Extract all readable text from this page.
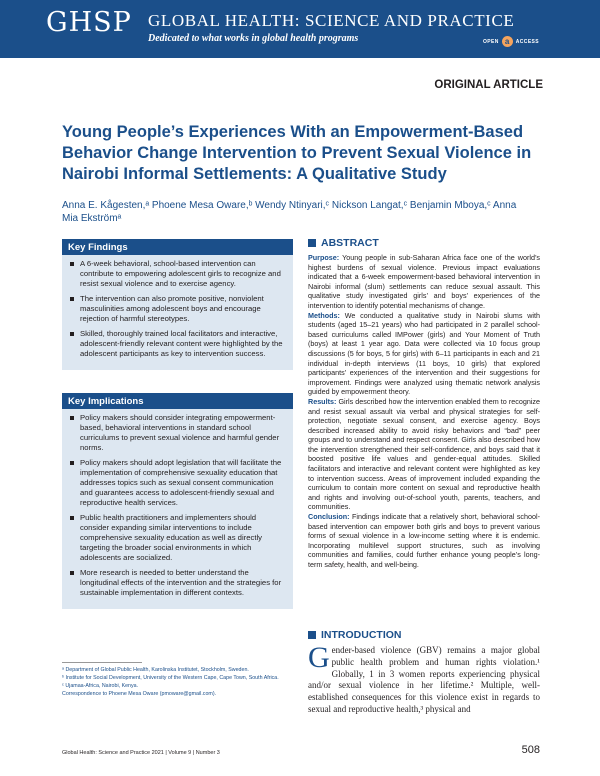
GHSP GLOBAL HEALTH: SCIENCE AND PRACTICE
Dedicated to what works in global health programs	OPEN a	ACCESS
ORIGINAL ARTICLE
Young People’s Experiences With an Empowerment-Based Behavior Change Intervention to Prevent Sexual Violence in Nairobi Informal Settlements: A Qualitative Study
Anna E. Kågesten,ᵃ Phoene Mesa Oware,ᵇ Wendy Ntinyari,ᶜ Nickson Langat,ᶜ Benjamin Mboya,ᶜ Anna Mia Ekströmᵃ
Key Findings
A 6-week behavioral, school-based intervention can contribute to empowering adolescent girls to recognize and resist sexual violence and to exercise agency.
The intervention can also promote positive, nonviolent masculinities among adolescent boys and encourage rejection of harmful stereotypes.
Skilled, thoroughly trained local facilitators and interactive, adolescent-friendly relevant content were highlighted by the adolescent participants as key to intervention success.
Key Implications
Policy makers should consider integrating empowerment-based, behavioral interventions in standard school curriculums to prevent sexual violence and harmful gender norms.
Policy makers should adopt legislation that will facilitate the implementation of comprehensive sexuality education that addresses topics such as sexual consent communication and guarantees access to adolescent-friendly sexual and reproductive health services.
Public health practitioners and implementers should consider expanding similar interventions to include comprehensive sexuality education as well as directly targeting the broader social environments in which adolescents are socialized.
More research is needed to better understand the longitudinal effects of the intervention and the strategies for sustainable implementation in different contexts.
ABSTRACT

Purpose: Young people in sub-Saharan Africa face one of the world’s highest burdens of sexual violence. Previous impact evaluations indicated that a 6-week empowerment-based behavioral intervention in Nairobi informal (slum) settlements can reduce sexual assault. This qualitative study investigated girls’ and boys’ experiences of the intervention to identify potential mechanisms of change.

Methods: We conducted a qualitative study in Nairobi slums with students (aged 15–21 years) who had participated in 2 parallel school-based curriculums called IMPower (girls) and Your Moment of Truth (boys) at least 1 year ago. Data were collected via 10 focus group discussions (5 for boys, 5 for girls) with 6–11 participants in each and 21 individual in-depth interviews (11 boys, 10 girls) that explored participants’ experiences of the intervention and their suggestions for improvement. Findings were analyzed using thematic network analysis guided by empowerment theory.

Results: Girls described how the intervention enabled them to recognize and resist sexual assault via verbal and physical strategies for self-protection, negotiate sexual consent, and exercise agency. Boys described increased ability to avoid risky behaviors and “bad” peer groups and to understand and respect consent. Girls also described how the intervention strengthened their self-confidence, and boys said that it boosted positive life values and gender-equal attitudes. Skilled facilitators and interactive and relevant content were highlighted as key to intervention success. Areas of improvement included expanding the curriculum to contain more content on sexual and reproductive health and rights and involving out-of-school youth, parents, teachers, and communities.

Conclusion: Findings indicate that a relatively short, behavioral school-based intervention can empower both girls and boys to prevent various forms of sexual violence in a low-income setting where it is endemic. Incorporating multilevel support structures, such as involving communities and families, could further enhance young people’s long-term safety, health, and well-being.

INTRODUCTION
Gender-based violence (GBV) remains a major global public health problem and human rights violation.¹ Globally, 1 in 3 women reports experiencing physical and/or sexual violence in her lifetime.² Multiple, well-established consequences for this violence exist in regards to sexual and reproductive health,³ physical and
ᵃ Department of Global Public Health, Karolinska Institutet, Stockholm, Sweden.
ᵇ Institute for Social Development, University of the Western Cape, Cape Town, South Africa.
ᶜ Ujamaa-Africa, Nairobi, Kenya.
Correspondence to Phoene Mesa Oware (pmoware@gmail.com).
Global Health: Science and Practice 2021 | Volume 9 | Number 3	508
